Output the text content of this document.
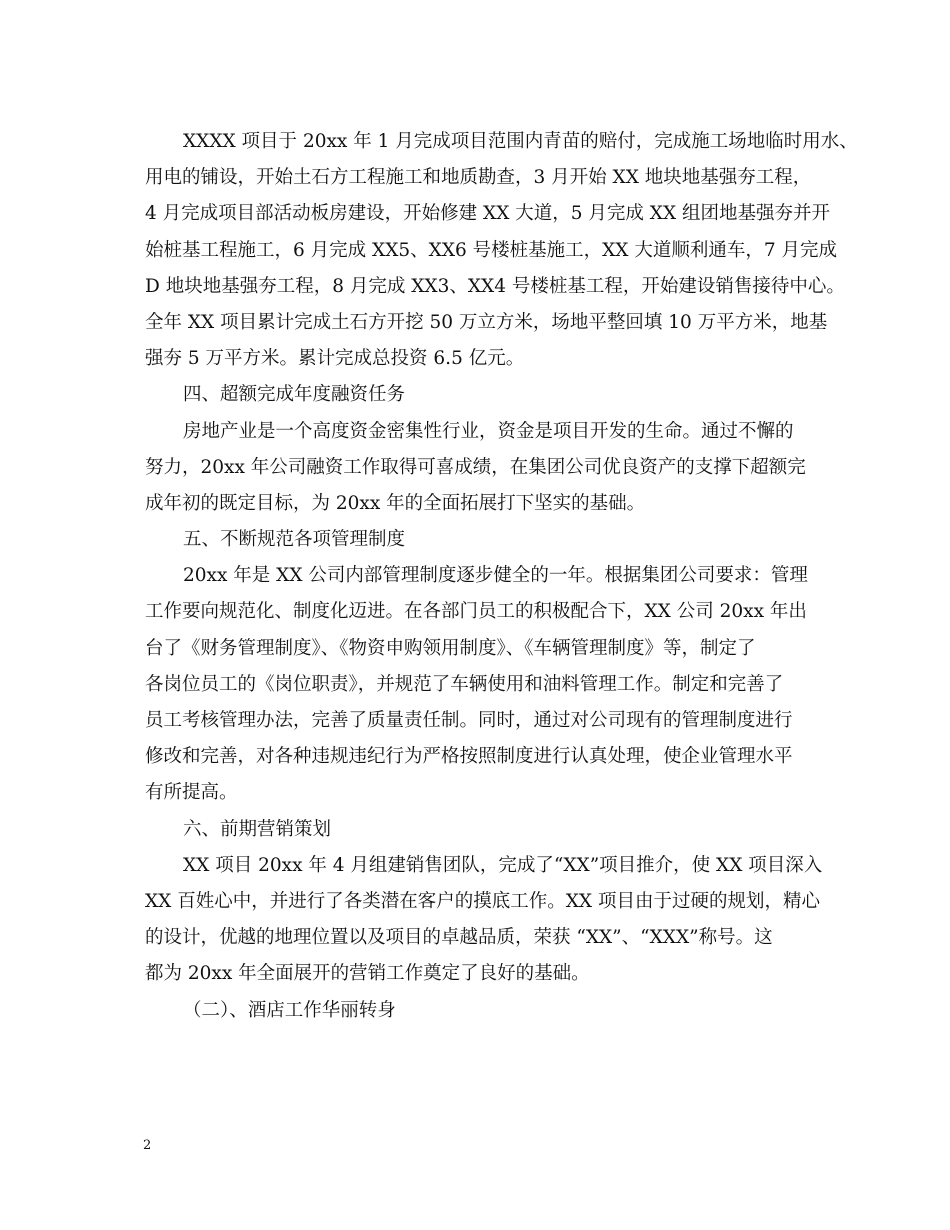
XXXX 项目于 20xx 年 1 月完成项目范围内青苗的赔付，完成施工场地临时用水、
用电的铺设，开始土石方工程施工和地质勘查，3 月开始 XX 地块地基强夯工程，
4 月完成项目部活动板房建设，开始修建 XX 大道，5 月完成 XX 组团地基强夯并开
始桩基工程施工，6 月完成 XX5、XX6 号楼桩基施工，XX 大道顺利通车，7 月完成
D 地块地基强夯工程，8 月完成 XX3、XX4 号楼桩基工程，开始建设销售接待中心。
全年 XX 项目累计完成土石方开挖 50 万立方米，场地平整回填 10 万平方米，地基
强夯 5 万平方米。累计完成总投资 6.5 亿元。
四、超额完成年度融资任务
房地产业是一个高度资金密集性行业，资金是项目开发的生命。通过不懈的
努力，20xx 年公司融资工作取得可喜成绩，在集团公司优良资产的支撑下超额完
成年初的既定目标，为 20xx 年的全面拓展打下坚实的基础。
五、不断规范各项管理制度
20xx 年是 XX 公司内部管理制度逐步健全的一年。根据集团公司要求：管理
工作要向规范化、制度化迈进。在各部门员工的积极配合下，XX 公司 20xx 年出
台了《财务管理制度》、《物资申购领用制度》、《车辆管理制度》等，制定了
各岗位员工的《岗位职责》，并规范了车辆使用和油料管理工作。制定和完善了
员工考核管理办法，完善了质量责任制。同时，通过对公司现有的管理制度进行
修改和完善，对各种违规违纪行为严格按照制度进行认真处理，使企业管理水平
有所提高。
六、前期营销策划
XX 项目 20xx 年 4 月组建销售团队，完成了“XX”项目推介，使 XX 项目深入
XX 百姓心中，并进行了各类潜在客户的摸底工作。XX 项目由于过硬的规划，精心
的设计，优越的地理位置以及项目的卓越品质，荣获 “XX”、“XXX”称号。这
都为 20xx 年全面展开的营销工作奠定了良好的基础。
（二）、酒店工作华丽转身
2
